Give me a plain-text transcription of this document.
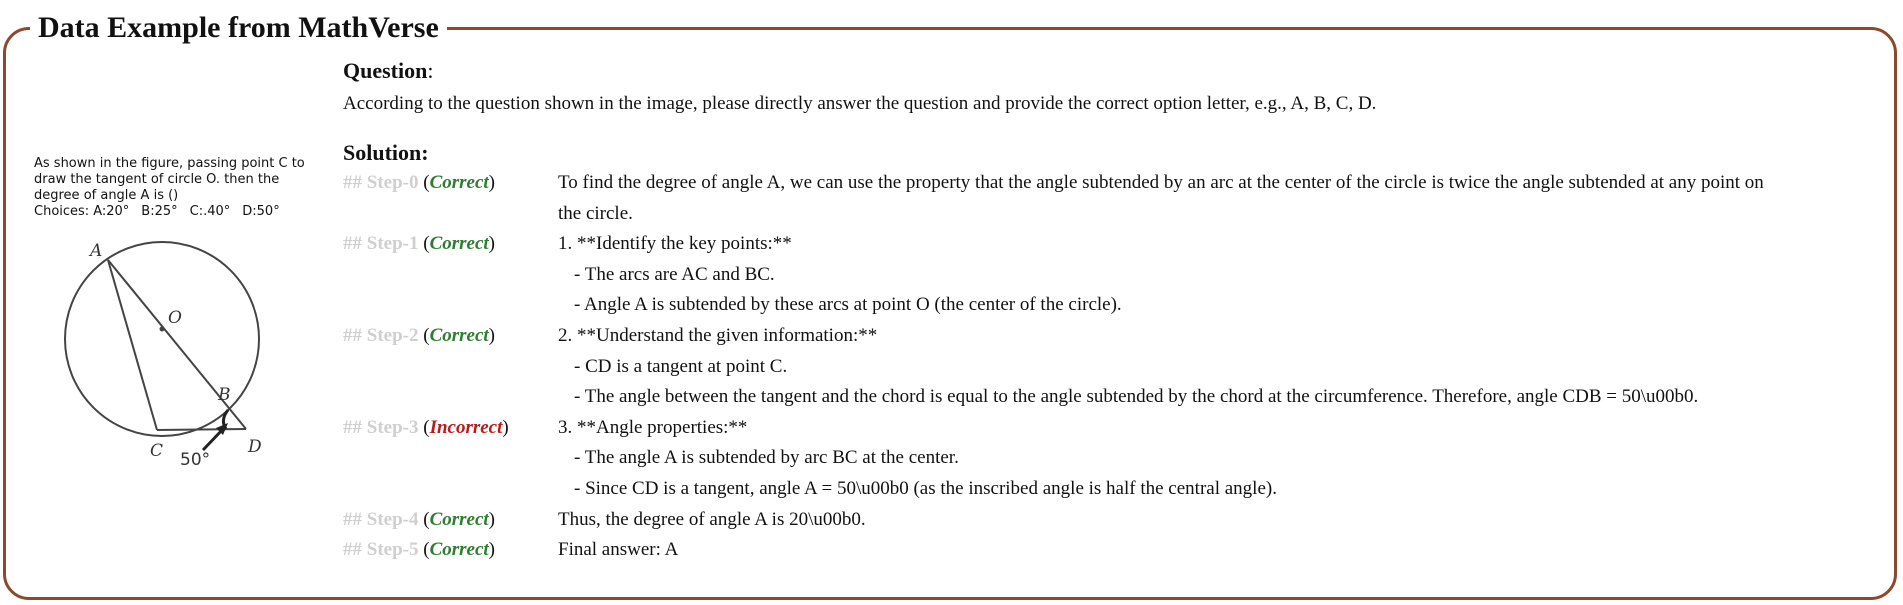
Data Example from MathVerse
As shown in the figure, passing point C to draw the tangent of circle O. then the degree of angle A is ()
Choices: A:20° B:25° C:.40° D:50°
A
O
B
C	D
50°
Question:
According to the question shown in the image, please directly answer the question and provide the correct option letter, e.g., A, B, C, D.
Solution:
## Step-0 (Correct)	To find the degree of angle A, we can use the property that the angle subtended by an arc at the center of the circle is twice the angle subtended at any point on
the circle.
## Step-1 (Correct)	1. **Identify the key points:**
- The arcs are AC and BC.
- Angle A is subtended by these arcs at point O (the center of the circle).
## Step-2 (Correct)	2. **Understand the given information:**
- CD is a tangent at point C.
- The angle between the tangent and the chord is equal to the angle subtended by the chord at the circumference. Therefore, angle CDB = 50\u00b0.
## Step-3 (Incorrect)	3. **Angle properties:**
- The angle A is subtended by arc BC at the center.
- Since CD is a tangent, angle A = 50\u00b0 (as the inscribed angle is half the central angle).
## Step-4 (Correct)	Thus, the degree of angle A is 20\u00b0.
## Step-5 (Correct)	Final answer: A
